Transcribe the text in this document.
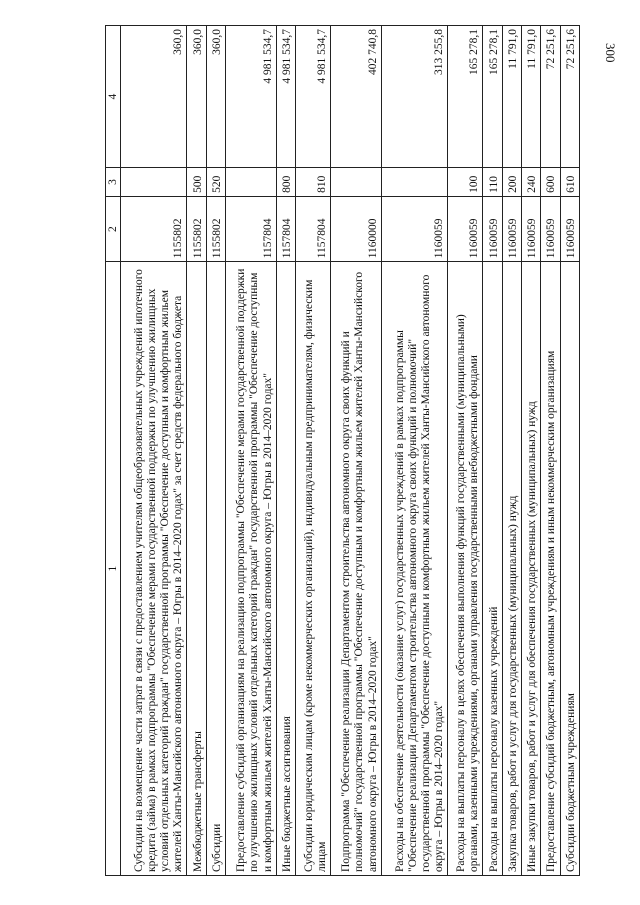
300
1	2	3	4
Субсидии на возмещение части затрат в связи с предоставлением учителям общеобразовательных учреждений ипотечного кредита (займа) в рамках подпрограммы "Обеспечение мерами государственной поддержки по улучшению жилищных условий отдельных категорий граждан" государственной программы "Обеспечение доступным и комфортным жильем жителей Ханты-Мансийского автономного округа – Югры в 2014–2020 годах" за счет средств федерального бюджета	1155802		360,0
Межбюджетные трансферты	1155802	500	360,0
Субсидии	1155802	520	360,0
Предоставление субсидий организациям на реализацию подпрограммы "Обеспечение мерами государственной поддержки по улучшению жилищных условий отдельных категорий граждан" государственной программы "Обеспечение доступным и комфортным жильем жителей Ханты-Мансийского автономного округа – Югры в 2014–2020 годах"	1157804		4 981 534,7
Иные бюджетные ассигнования	1157804	800	4 981 534,7
Субсидии юридическим лицам (кроме некоммерческих организаций), индивидуальным предпринимателям, физическим лицам	1157804	810	4 981 534,7
Подпрограмма "Обеспечение реализации Департаментом строительства автономного округа своих функций и полномочий" государственной программы "Обеспечение доступным и комфортным жильем жителей Ханты-Мансийского автономного округа – Югры в 2014–2020 годах"	1160000		402 740,8
Расходы на обеспечение деятельности (оказание услуг) государственных учреждений в рамках подпрограммы "Обеспечение реализации Департаментом строительства автономного округа своих функций и полномочий" государственной программы "Обеспечение доступным и комфортным жильем жителей Ханты-Мансийского автономного округа – Югры в 2014–2020 годах"	1160059		313 255,8
Расходы на выплаты персоналу в целях обеспечения выполнения функций государственными (муниципальными) органами, казенными учреждениями, органами управления государственными внебюджетными фондами	1160059	100	165 278,1
Расходы на выплаты персоналу казенных учреждений	1160059	110	165 278,1
Закупка товаров, работ и услуг для государственных (муниципальных) нужд	1160059	200	11 791,0
Иные закупки товаров, работ и услуг для обеспечения государственных (муниципальных) нужд	1160059	240	11 791,0
Предоставление субсидий бюджетным, автономным учреждениям и иным некоммерческим организациям	1160059	600	72 251,6
Субсидии бюджетным учреждениям	1160059	610	72 251,6
